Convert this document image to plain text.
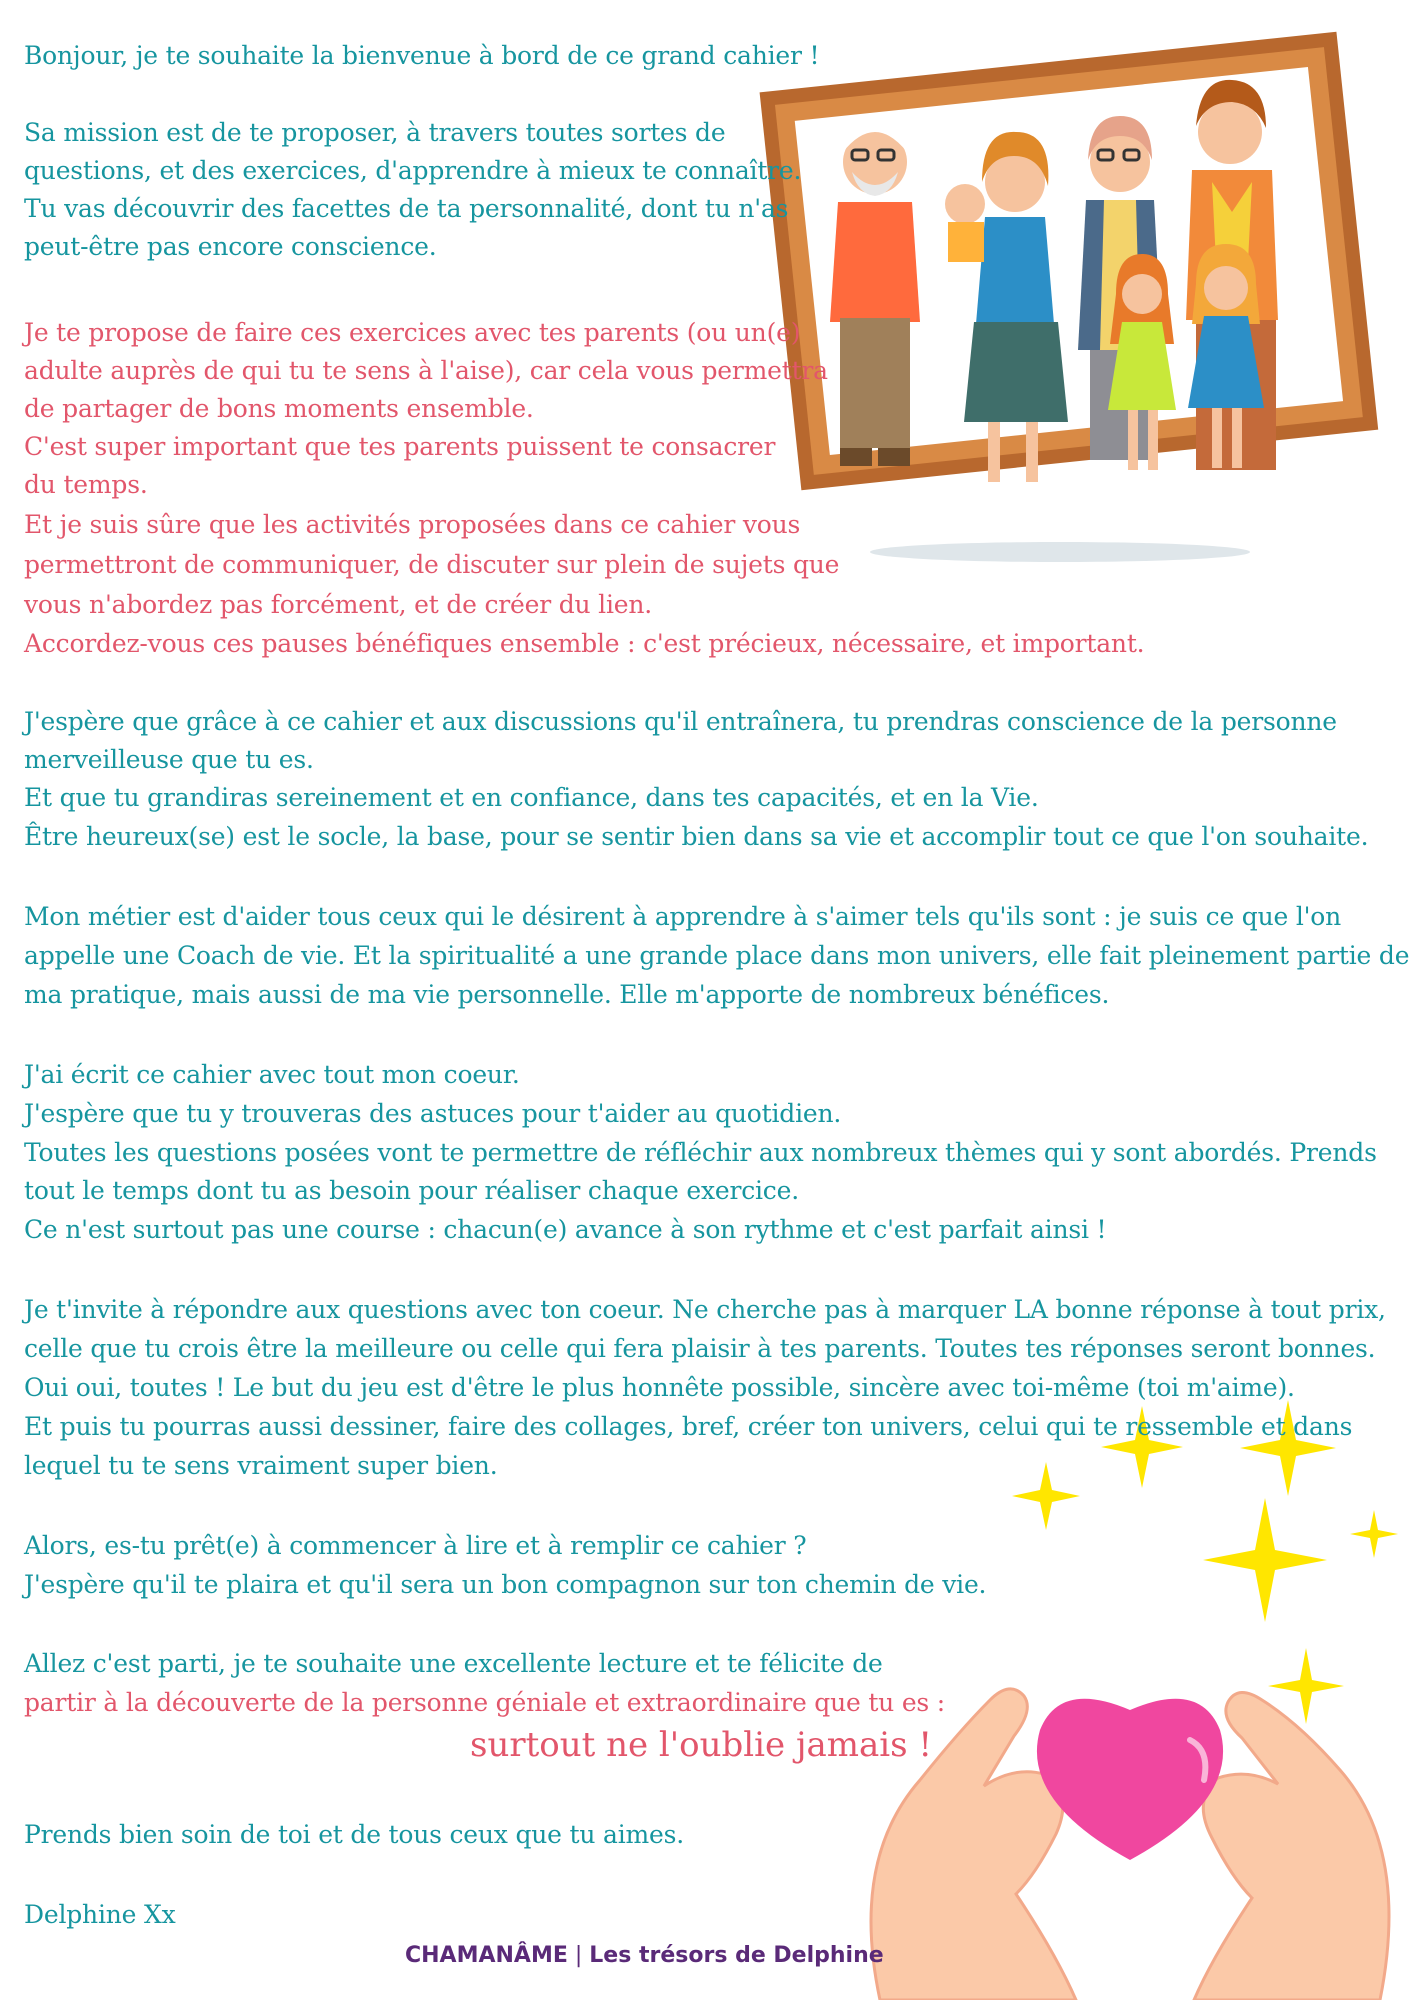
Bonjour, je te souhaite la bienvenue à bord de ce grand cahier !

Sa mission est de te proposer, à travers toutes sortes de

questions, et des exercices, d'apprendre à mieux te connaître.

Tu vas découvrir des facettes de ta personnalité, dont tu n'as

peut-être pas encore conscience.

Je te propose de faire ces exercices avec tes parents (ou un(e)

adulte auprès de qui tu te sens à l'aise), car cela vous permettra

de partager de bons moments ensemble.

C'est super important que tes parents puissent te consacrer

du temps.

Et je suis sûre que les activités proposées dans ce cahier vous

permettront de communiquer, de discuter sur plein de sujets que

vous n'abordez pas forcément, et de créer du lien.

Accordez-vous ces pauses bénéfiques ensemble : c'est précieux, nécessaire, et important.

J'espère que grâce à ce cahier et aux discussions qu'il entraînera, tu prendras conscience de la personne

merveilleuse que tu es.

Et que tu grandiras sereinement et en confiance, dans tes capacités, et en la Vie.

Être heureux(se) est le socle, la base, pour se sentir bien dans sa vie et accomplir tout ce que l'on souhaite.

Mon métier est d'aider tous ceux qui le désirent à apprendre à s'aimer tels qu'ils sont : je suis ce que l'on

appelle une Coach de vie. Et la spiritualité a une grande place dans mon univers, elle fait pleinement partie de

ma pratique, mais aussi de ma vie personnelle. Elle m'apporte de nombreux bénéfices.

J'ai écrit ce cahier avec tout mon coeur.

J'espère que tu y trouveras des astuces pour t'aider au quotidien.

Toutes les questions posées vont te permettre de réfléchir aux nombreux thèmes qui y sont abordés. Prends

tout le temps dont tu as besoin pour réaliser chaque exercice.

Ce n'est surtout pas une course : chacun(e) avance à son rythme et c'est parfait ainsi !

Je t'invite à répondre aux questions avec ton coeur. Ne cherche pas à marquer LA bonne réponse à tout prix,

celle que tu crois être la meilleure ou celle qui fera plaisir à tes parents. Toutes tes réponses seront bonnes.

Oui oui, toutes ! Le but du jeu est d'être le plus honnête possible, sincère avec toi-même (toi m'aime).

Et puis tu pourras aussi dessiner, faire des collages, bref, créer ton univers, celui qui te ressemble et dans

lequel tu te sens vraiment super bien.

Alors, es-tu prêt(e) à commencer à lire et à remplir ce cahier ?

J'espère qu'il te plaira et qu'il sera un bon compagnon sur ton chemin de vie.

Allez c'est parti, je te souhaite une excellente lecture et te félicite de

partir à la découverte de la personne géniale et extraordinaire que tu es :

surtout ne l'oublie jamais !

Prends bien soin de toi et de tous ceux que tu aimes.

Delphine Xx

CHAMANÂME | Les trésors de Delphine
